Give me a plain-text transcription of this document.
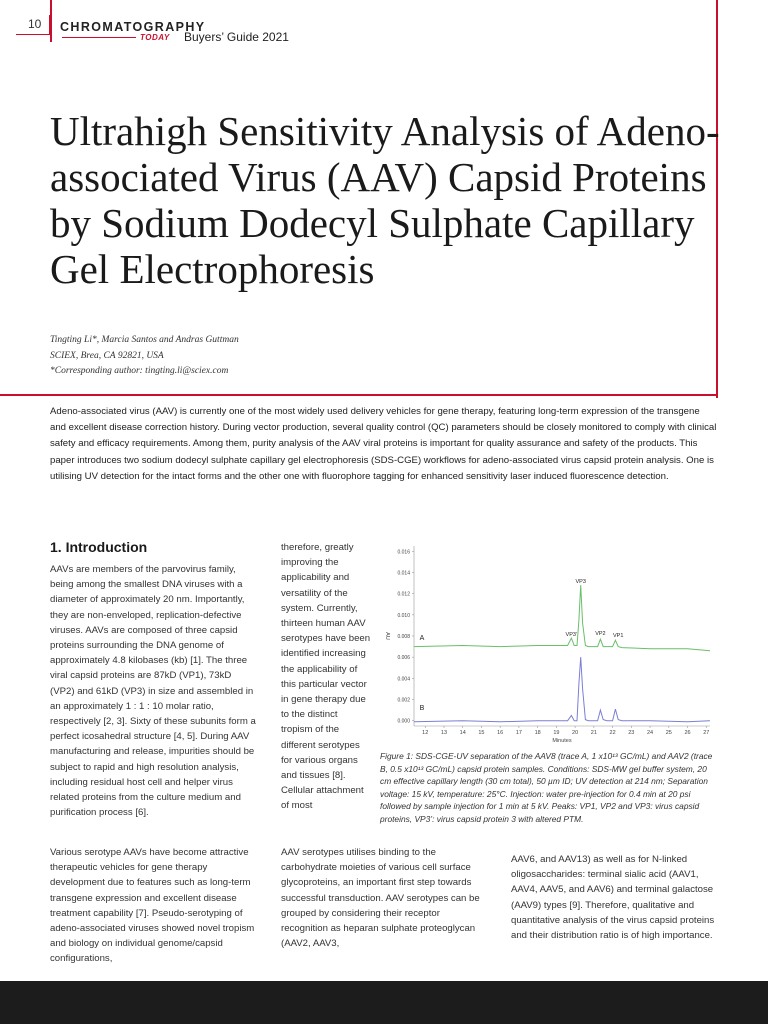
10	CHROMATOGRAPHY
TODAY Buyers’ Guide 2021
Ultrahigh Sensitivity Analysis of Adeno-associated Virus (AAV) Capsid Proteins by Sodium Dodecyl Sulphate Capillary Gel Electrophoresis
Tingting Li*, Marcia Santos and Andras Guttman
SCIEX, Brea, CA 92821, USA
*Corresponding author: tingting.li@sciex.com

Adeno-associated virus (AAV) is currently one of the most widely used delivery vehicles for gene therapy, featuring long-term expression of the transgene and excellent disease correction history. During vector production, several quality control (QC) parameters should be closely monitored to comply with clinical safety and efficacy requirements. Among them, purity analysis of the AAV viral proteins is important for quality assurance and safety of the products. This paper introduces two sodium dodecyl sulphate capillary gel electrophoresis (SDS-CGE) workflows for adeno-associated virus capsid protein analysis. One is utilising UV detection for the intact forms and the other one with fluorophore tagging for enhanced sensitivity laser induced fluorescence detection.

1. Introduction

AAVs are members of the parvovirus family, being among the smallest DNA viruses with a diameter of approximately 20 nm. Importantly, they are non-enveloped, replication-defective viruses. AAVs are composed of three capsid proteins surrounding the DNA genome of approximately 4.8 kilobases (kb) [1]. The three viral capsid proteins are 87kD (VP1), 73kD (VP2) and 61kD (VP3) in size and assembled in an approximately 1 : 1 : 10 molar ratio, respectively [2, 3]. Sixty of these subunits form a perfect icosahedral structure [4, 5]. During AAV manufacturing and release, impurities should be subject to rapid and high resolution analysis, including residual host cell and helper virus related proteins from the culture medium and purification process [6].

Various serotype AAVs have become attractive therapeutic vehicles for gene therapy development due to features such as long-term transgene expression and excellent disease treatment capability [7]. Pseudo-serotyping of adeno-associated viruses showed novel tropism and biology on individual genome/capsid configurations,

therefore, greatly improving the applicability and versatility of the system. Currently, thirteen human AAV serotypes have been identified increasing the applicability of this particular vector in gene therapy due to the distinct tropism of the different serotypes for various organs and tissues [8]. Cellular attachment of most

AAV serotypes utilises binding to the carbohydrate moieties of various cell surface glycoproteins, an important first step towards successful transduction. AAV serotypes can be grouped by considering their receptor recognition as heparan sulphate proteoglycan (AAV2, AAV3,

AAV6, and AAV13) as well as for N-linked oligosaccharides: terminal sialic acid (AAV1, AAV4, AAV5, and AAV6) and terminal galactose (AAV9) types [9]. Therefore, qualitative and quantitative analysis of the virus capsid proteins and their distribution ratio is of high importance.

0.000
0.002
0.004
0.006
0.008
0.010
0.012
0.014
0.016
12 13 14 15 16 17 18 19 20 21 22 23 24 25 26 27
Minutes
AU	A
B
VP3
VP3’	VP2 VP1

Figure 1: SDS-CGE-UV separation of the AAV8 (trace A, 1 x10¹³ GC/mL) and AAV2 (trace B, 0.5 x10¹³ GC/mL) capsid protein samples. Conditions: SDS-MW gel buffer system, 20 cm effective capillary length (30 cm total), 50 µm ID; UV detection at 214 nm; Separation voltage: 15 kV, temperature: 25°C. Injection: water pre-injection for 0.4 min at 20 psi followed by sample injection for 1 min at 5 kV. Peaks: VP1, VP2 and VP3: virus capsid proteins, VP3’: virus capsid protein 3 with altered PTM.
